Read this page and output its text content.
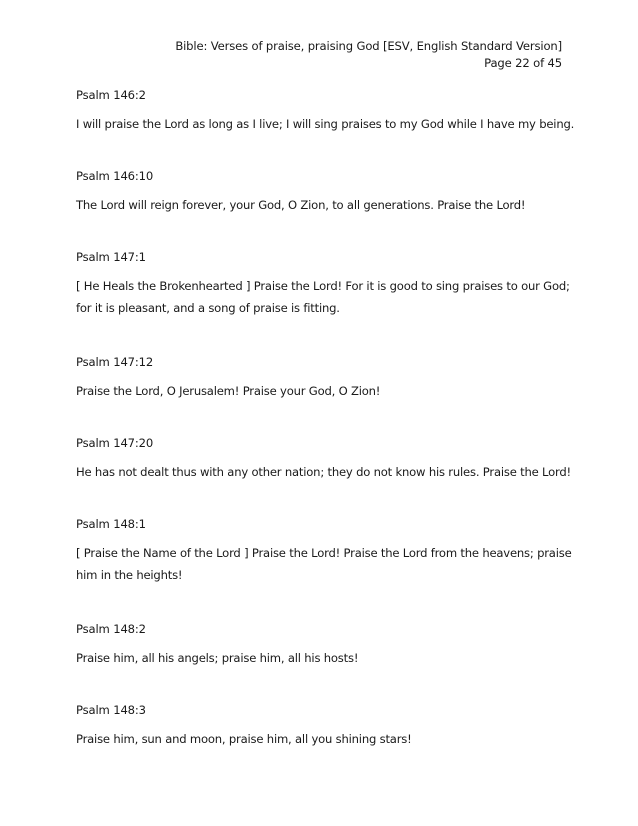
Bible: Verses of praise, praising God [ESV, English Standard Version]
Page 22 of 45
Psalm 146:2
I will praise the Lord as long as I live; I will sing praises to my God while I have my being.
Psalm 146:10
The Lord will reign forever, your God, O Zion, to all generations. Praise the Lord!
Psalm 147:1
[ He Heals the Brokenhearted ] Praise the Lord! For it is good to sing praises to our God;
for it is pleasant, and a song of praise is fitting.
Psalm 147:12
Praise the Lord, O Jerusalem! Praise your God, O Zion!
Psalm 147:20
He has not dealt thus with any other nation; they do not know his rules. Praise the Lord!
Psalm 148:1
[ Praise the Name of the Lord ] Praise the Lord! Praise the Lord from the heavens; praise
him in the heights!
Psalm 148:2
Praise him, all his angels; praise him, all his hosts!
Psalm 148:3
Praise him, sun and moon, praise him, all you shining stars!
